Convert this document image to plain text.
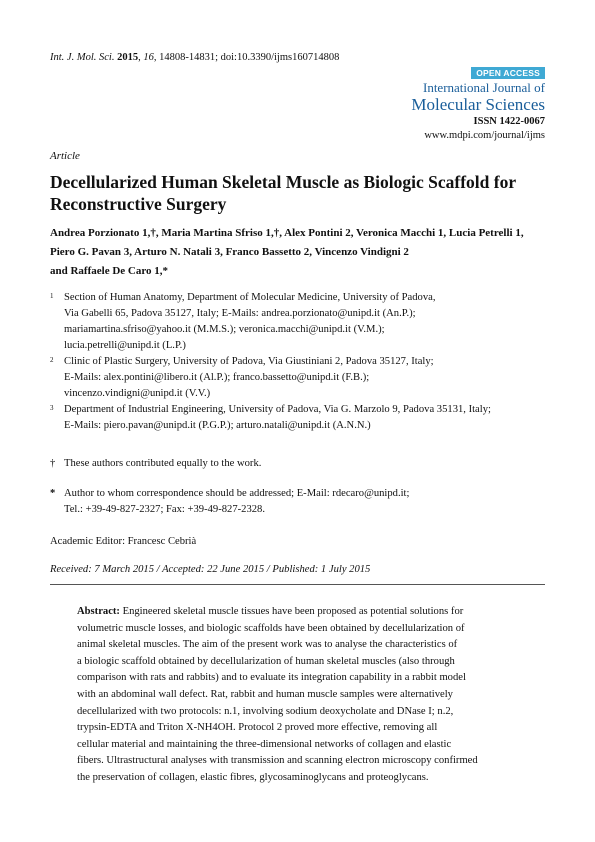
Int. J. Mol. Sci. 2015, 16, 14808-14831; doi:10.3390/ijms160714808
OPEN ACCESS
International Journal of
Molecular Sciences
ISSN 1422-0067
www.mdpi.com/journal/ijms
Article
Decellularized Human Skeletal Muscle as Biologic Scaffold for
Reconstructive Surgery
Andrea Porzionato 1,†, Maria Martina Sfriso 1,†, Alex Pontini 2, Veronica Macchi 1, Lucia Petrelli 1,
Piero G. Pavan 3, Arturo N. Natali 3, Franco Bassetto 2, Vincenzo Vindigni 2
and Raffaele De Caro 1,*
1 Section of Human Anatomy, Department of Molecular Medicine, University of Padova,
Via Gabelli 65, Padova 35127, Italy; E-Mails: andrea.porzionato@unipd.it (An.P.);
mariamartina.sfriso@yahoo.it (M.M.S.); veronica.macchi@unipd.it (V.M.);
lucia.petrelli@unipd.it (L.P.)
2 Clinic of Plastic Surgery, University of Padova, Via Giustiniani 2, Padova 35127, Italy;
E-Mails: alex.pontini@libero.it (Al.P.); franco.bassetto@unipd.it (F.B.);
vincenzo.vindigni@unipd.it (V.V.)
3 Department of Industrial Engineering, University of Padova, Via G. Marzolo 9, Padova 35131, Italy;
E-Mails: piero.pavan@unipd.it (P.G.P.); arturo.natali@unipd.it (A.N.N.)
† These authors contributed equally to the work.
* Author to whom correspondence should be addressed; E-Mail: rdecaro@unipd.it;
Tel.: +39-49-827-2327; Fax: +39-49-827-2328.
Academic Editor: Francesc Cebrià
Received: 7 March 2015 / Accepted: 22 June 2015 / Published: 1 July 2015
Abstract: Engineered skeletal muscle tissues have been proposed as potential solutions for
volumetric muscle losses, and biologic scaffolds have been obtained by decellularization of
animal skeletal muscles. The aim of the present work was to analyse the characteristics of
a biologic scaffold obtained by decellularization of human skeletal muscles (also through
comparison with rats and rabbits) and to evaluate its integration capability in a rabbit model
with an abdominal wall defect. Rat, rabbit and human muscle samples were alternatively
decellularized with two protocols: n.1, involving sodium deoxycholate and DNase I; n.2,
trypsin-EDTA and Triton X-NH4OH. Protocol 2 proved more effective, removing all
cellular material and maintaining the three-dimensional networks of collagen and elastic
fibers. Ultrastructural analyses with transmission and scanning electron microscopy confirmed
the preservation of collagen, elastic fibres, glycosaminoglycans and proteoglycans.
